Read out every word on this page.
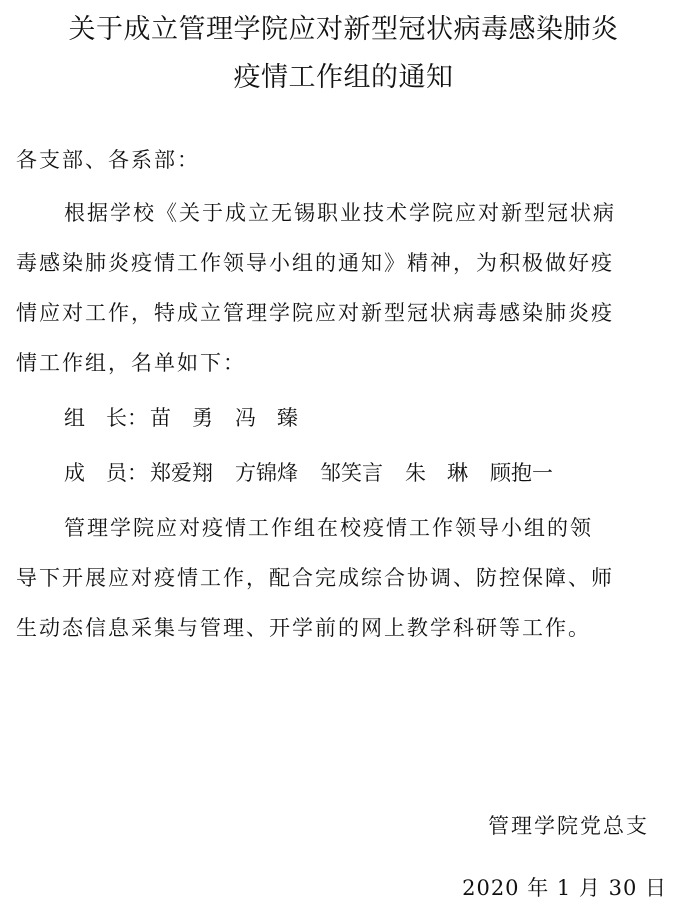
关于成立管理学院应对新型冠状病毒感染肺炎
疫情工作组的通知
各支部、各系部：
根据学校《关于成立无锡职业技术学院应对新型冠状病
毒感染肺炎疫情工作领导小组的通知》精神，为积极做好疫
情应对工作，特成立管理学院应对新型冠状病毒感染肺炎疫
情工作组，名单如下：
组　长：苗　勇 冯　臻
成　员：郑爱翔 方锦烽 邹笑言 朱　琳 顾抱一
管理学院应对疫情工作组在校疫情工作领导小组的领
导下开展应对疫情工作，配合完成综合协调、防控保障、师
生动态信息采集与管理、开学前的网上教学科研等工作。
管理学院党总支
2020 年 1 月 30 日
